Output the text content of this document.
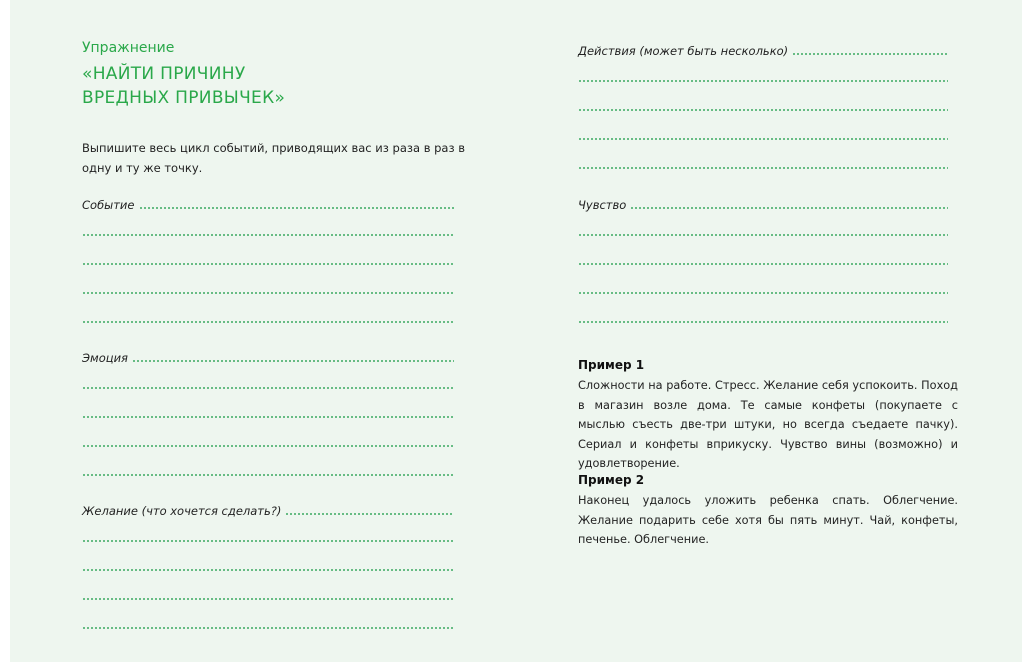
Упражнение
«НАЙТИ ПРИЧИНУ
ВРЕДНЫХ ПРИВЫЧЕК»
Выпишите весь цикл событий, приводящих вас из раза в раз в одну и ту же точку.
Событие
Эмоция
Желание (что хочется сделать?)
Действия (может быть несколько)
Чувство
Пример 1
Сложности на работе. Стресс. Желание себя успокоить. Поход в магазин возле дома. Те самые конфеты (покупаете с мыслью съесть две-три штуки, но всегда съедаете пачку). Сериал и конфеты вприкуску. Чувство вины (возможно) и удовлетворение.
Пример 2
Наконец удалось уложить ребенка спать. Облегчение. Желание подарить себе хотя бы пять минут. Чай, конфеты, печенье. Облегчение.
